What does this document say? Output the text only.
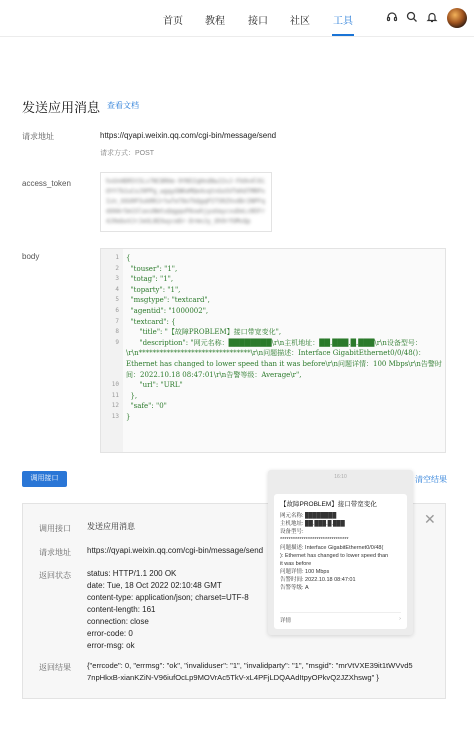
首页 教程 接口 社区 工具
发送应用消息 查看文档
请求地址	https://qyapi.weixin.qq.com/cgi-bin/message/send
请求方式：POST
access_token	hxUnHDR5t5Lv7NC8RHe-9YN5IqHnd8wJ2vJ-Fk0n4l0iOYY7b1uCoJ9PPg_wgqyGNKeMQe4vqtnGoSVTmhOTMRPxIzn_XXU0P3ukRRJrtwTeT8oTkQgqPIT5RZVvd8r2NPFqdd4ArSm1SlaxsNmtuQqgqoPAvwhjyuUaycvuDeLcN5Fr4J0ebxVJrJeUL8EXwyceDr-DrmnJy_Oh9rYUMvQp
body	1	{
2	"touser": "1",
3	"totag": "1",
4	"toparty": "1",
5	"msgtype": "textcard",
6	"agentid": "1000002",
7	"textcard": {
8	"title": "【故障PROBLEM】接口带宽变化",
9	"description": "网元名称：████████\r\n主机地址：██.███.█.███\r\n设备型号：\r\n********************************\r\n问题描述：Interface GigabitEthernet0/0/48()：Ethernet has changed to lower speed than it was before\r\n问题详情：100 Mbps\r\n告警时间：2022.10.18 08:47:01\r\n告警等级：Average\r",
10	"url": "URL"
11	},
12	"safe": "0"
13	}
调用接口	清空结果
调用接口 发送应用消息
请求地址 https://qyapi.weixin.qq.com/cgi-bin/message/send
返回状态 status: HTTP/1.1 200 OK
date: Tue, 18 Oct 2022 02:10:48 GMT
content-type: application/json; charset=UTF-8
content-length: 161
connection: close
error-code: 0
error-msg: ok
返回结果 {"errcode": 0, "errmsg": "ok", "invaliduser": "1", "invalidparty": "1", "msgid": "mrVtVXE39it1tWVvd5
7npHkxB-xianKZiN-V96iufOcLp9MOVrAc5TkV-xL4PFjLDQAAdItpyOPkvQ2JZXhswg" }
✕
16:10
【故障PROBLEM】接口带宽变化
网元名称: ████████
主机地址: ██.███.█.███
设备型号:
********************************
问题描述: Interface GigabitEthernet0/0/48(
): Ethernet has changed to lower speed than
it was before
问题详情: 100 Mbps
告警时间: 2022.10.18 08:47:01
告警等级: A
详情	›
